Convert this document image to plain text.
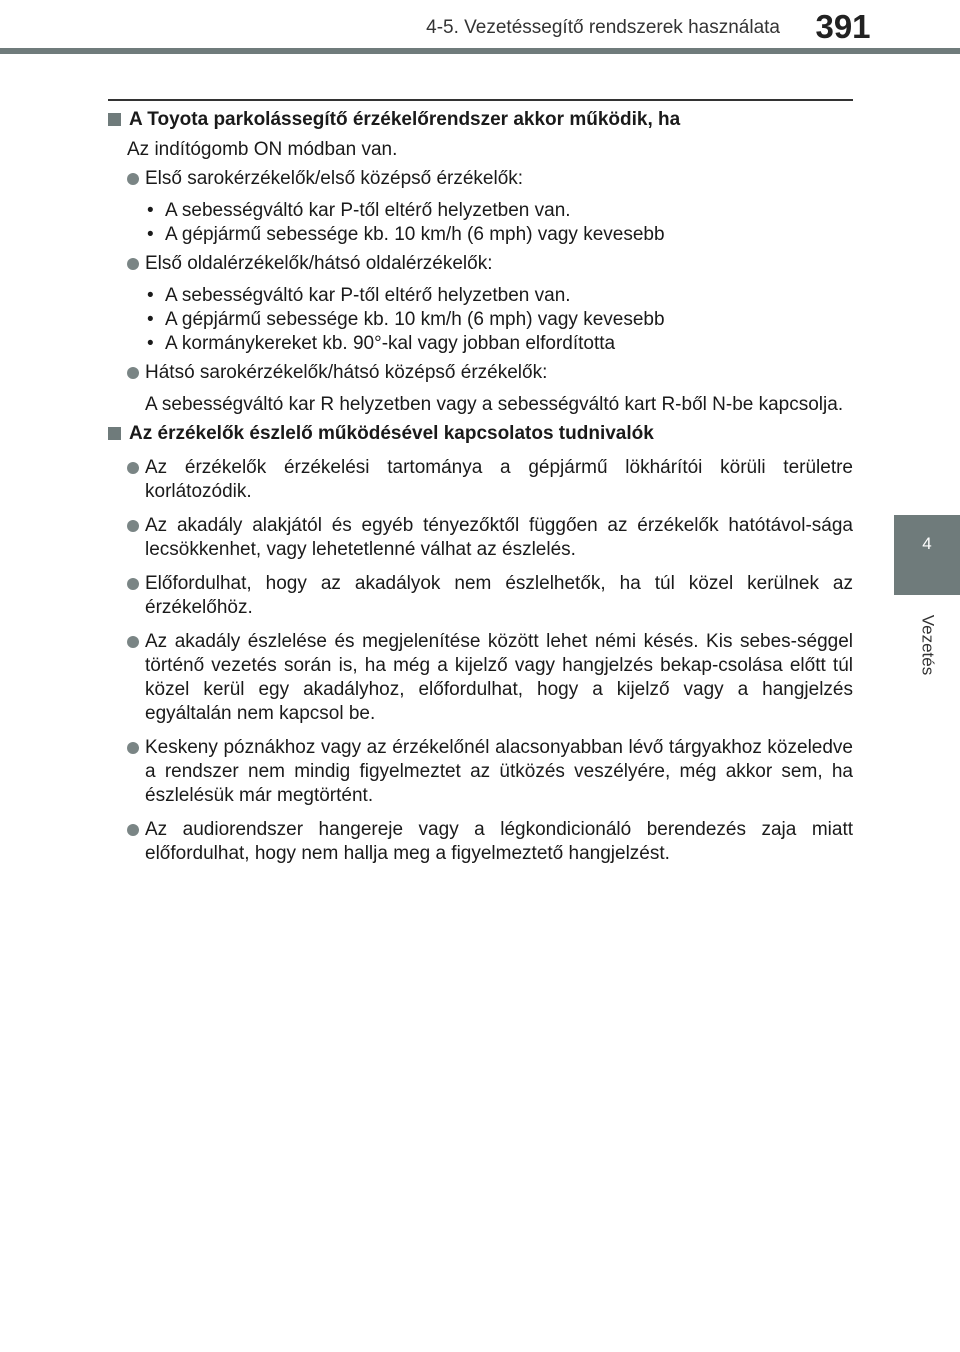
4-5. Vezetéssegítő rendszerek használata	391
4
Vezetés
A Toyota parkolássegítő érzékelőrendszer akkor működik, ha
Az indítógomb ON módban van.
Első sarokérzékelők/első középső érzékelők:
• A sebességváltó kar P-től eltérő helyzetben van.
• A gépjármű sebessége kb. 10 km/h (6 mph) vagy kevesebb
Első oldalérzékelők/hátsó oldalérzékelők:
• A sebességváltó kar P-től eltérő helyzetben van.
• A gépjármű sebessége kb. 10 km/h (6 mph) vagy kevesebb
• A kormánykereket kb. 90°-kal vagy jobban elfordította
Hátsó sarokérzékelők/hátsó középső érzékelők:
A sebességváltó kar R helyzetben vagy a sebességváltó kart R-ből N-be kapcsolja.
Az érzékelők észlelő működésével kapcsolatos tudnivalók
Az érzékelők érzékelési tartománya a gépjármű lökhárítói körüli területre korlátozódik.
Az akadály alakjától és egyéb tényezőktől függően az érzékelők hatótávol-sága lecsökkenhet, vagy lehetetlenné válhat az észlelés.
Előfordulhat, hogy az akadályok nem észlelhetők, ha túl közel kerülnek az érzékelőhöz.
Az akadály észlelése és megjelenítése között lehet némi késés. Kis sebes-séggel történő vezetés során is, ha még a kijelző vagy hangjelzés bekap-csolása előtt túl közel kerül egy akadályhoz, előfordulhat, hogy a kijelző vagy a hangjelzés egyáltalán nem kapcsol be.
Keskeny póznákhoz vagy az érzékelőnél alacsonyabban lévő tárgyakhoz közeledve a rendszer nem mindig figyelmeztet az ütközés veszélyére, még akkor sem, ha észlelésük már megtörtént.
Az audiorendszer hangereje vagy a légkondicionáló berendezés zaja miatt előfordulhat, hogy nem hallja meg a figyelmeztető hangjelzést.
